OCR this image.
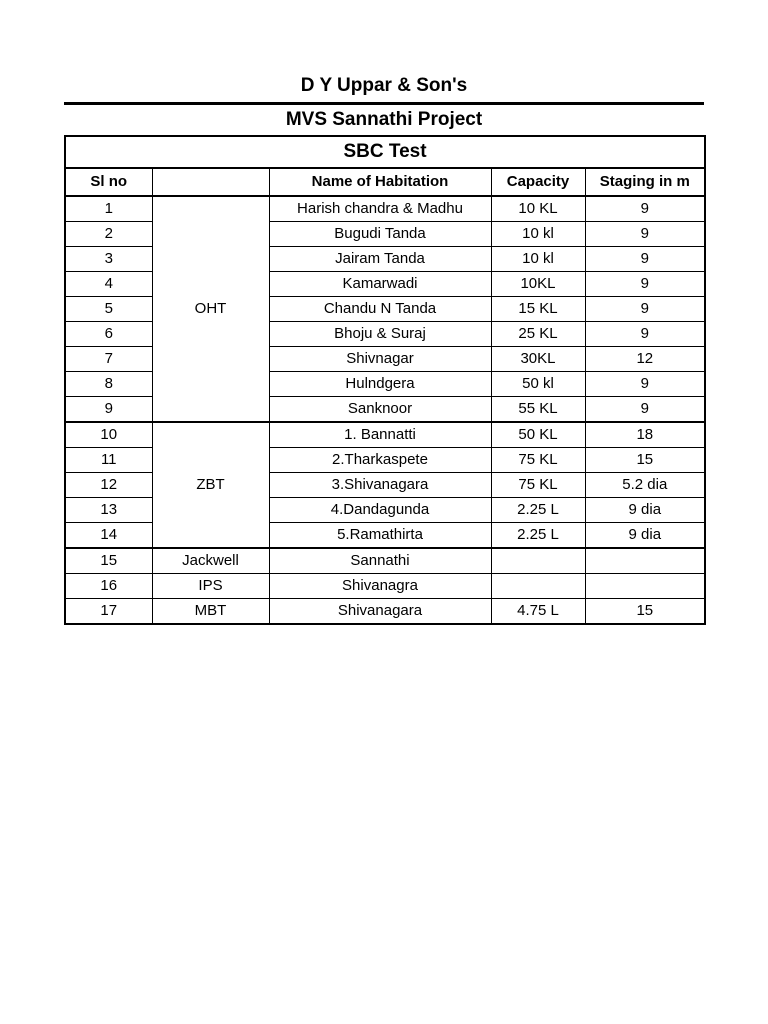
D Y Uppar & Son's
MVS Sannathi Project
SBC Test				
Sl no		Name of Habitation	Capacity	Staging in m
1	OHT	Harish chandra & Madhu	10 KL	9
2		Bugudi Tanda	10 kl	9
3		Jairam Tanda	10 kl	9
4		Kamarwadi	10KL	9
5		Chandu N Tanda	15 KL	9
6		Bhoju & Suraj	25 KL	9
7		Shivnagar	30KL	12
8		Hulndgera	50 kl	9
9		Sanknoor	55 KL	9
10	ZBT	1. Bannatti	50 KL	18
11		2.Tharkaspete	75 KL	15
12		3.Shivanagara	75 KL	5.2 dia
13		4.Dandagunda	2.25 L	9 dia
14		5.Ramathirta	2.25 L	9 dia
15	Jackwell	Sannathi		
16	IPS	Shivanagra		
17	MBT	Shivanagara	4.75 L	15
